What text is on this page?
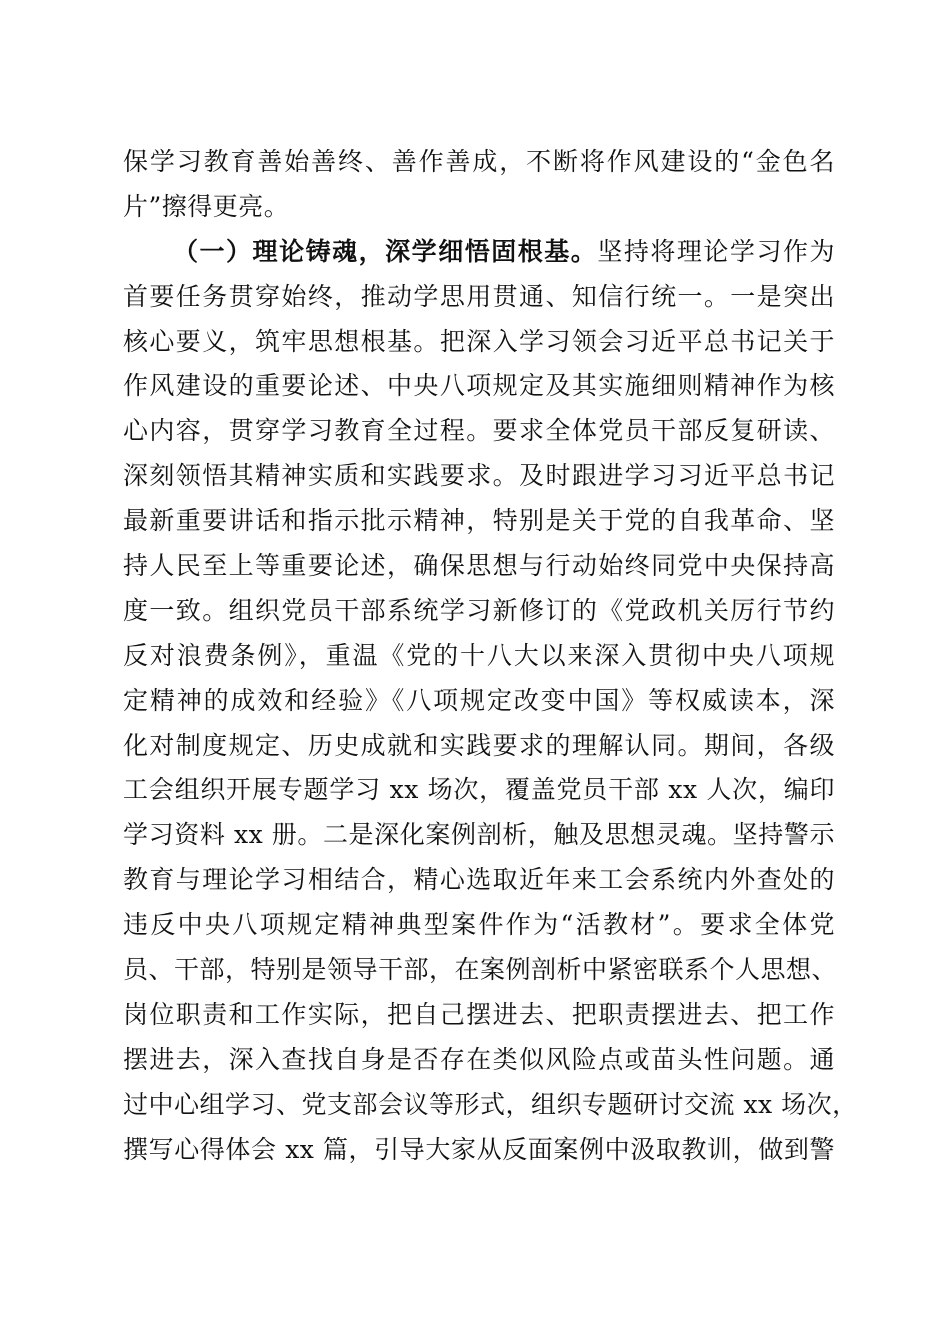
保学习教育善始善终、善作善成，不断将作风建设的“金色名
片”擦得更亮。
（一）理论铸魂，深学细悟固根基。坚持将理论学习作为
首要任务贯穿始终，推动学思用贯通、知信行统一。一是突出
核心要义，筑牢思想根基。把深入学习领会习近平总书记关于
作风建设的重要论述、中央八项规定及其实施细则精神作为核
心内容，贯穿学习教育全过程。要求全体党员干部反复研读、
深刻领悟其精神实质和实践要求。及时跟进学习习近平总书记
最新重要讲话和指示批示精神，特别是关于党的自我革命、坚
持人民至上等重要论述，确保思想与行动始终同党中央保持高
度一致。组织党员干部系统学习新修订的《党政机关厉行节约
反对浪费条例》，重温《党的十八大以来深入贯彻中央八项规
定精神的成效和经验》《八项规定改变中国》等权威读本，深
化对制度规定、历史成就和实践要求的理解认同。期间，各级
工会组织开展专题学习 xx 场次，覆盖党员干部 xx 人次，编印
学习资料 xx 册。二是深化案例剖析，触及思想灵魂。坚持警示
教育与理论学习相结合，精心选取近年来工会系统内外查处的
违反中央八项规定精神典型案件作为“活教材”。要求全体党
员、干部，特别是领导干部，在案例剖析中紧密联系个人思想、
岗位职责和工作实际，把自己摆进去、把职责摆进去、把工作
摆进去，深入查找自身是否存在类似风险点或苗头性问题。通
过中心组学习、党支部会议等形式，组织专题研讨交流 xx 场次，
撰写心得体会 xx 篇，引导大家从反面案例中汲取教训，做到警
